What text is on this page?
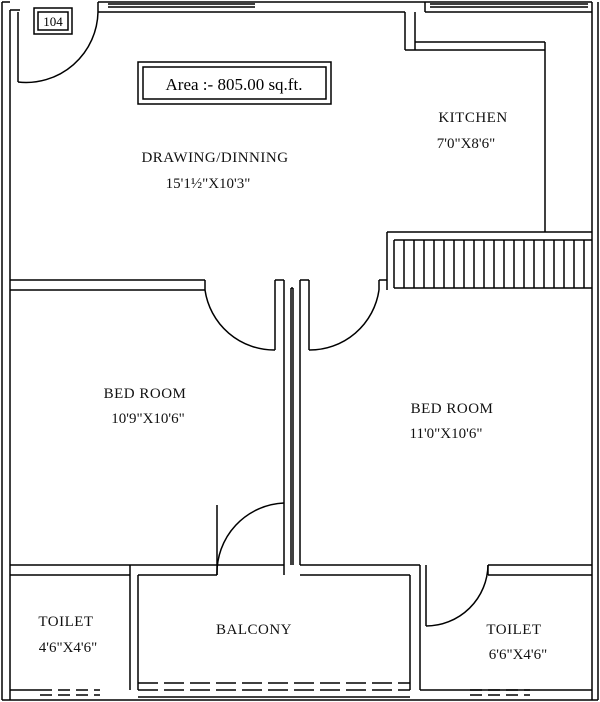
104
Area :- 805.00 sq.ft.
DRAWING/DINNING
15'1½"X10'3"
KITCHEN
7'0"X8'6"
BED ROOM
10'9"X10'6"
BED ROOM
11'0"X10'6"
TOILET
4'6"X4'6"
BALCONY	TOILET
6'6"X4'6"
